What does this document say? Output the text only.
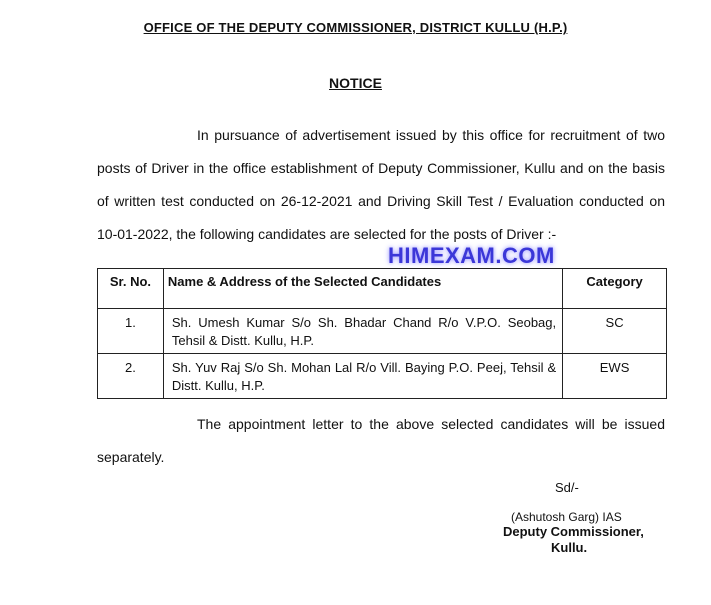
OFFICE OF THE DEPUTY COMMISSIONER, DISTRICT KULLU (H.P.)
NOTICE
In pursuance of advertisement issued by this office for recruitment of two
posts of Driver in the office establishment of Deputy Commissioner, Kullu and on the basis
of written test conducted on 26-12-2021 and Driving Skill Test / Evaluation conducted on
10-01-2022, the following candidates are selected for the posts of Driver :-
HIMEXAM.COM
Sr. No.	Name & Address of the Selected Candidates	Category
1.	Sh. Umesh Kumar S/o Sh. Bhadar Chand R/o V.P.O. Seobag, Tehsil & Distt. Kullu, H.P.	SC
2.	Sh. Yuv Raj S/o Sh. Mohan Lal R/o Vill. Baying P.O. Peej, Tehsil & Distt. Kullu, H.P.	EWS
The appointment letter to the above selected candidates will be issued
separately.
Sd/-
(Ashutosh Garg) IAS
Deputy Commissioner,
Kullu.
